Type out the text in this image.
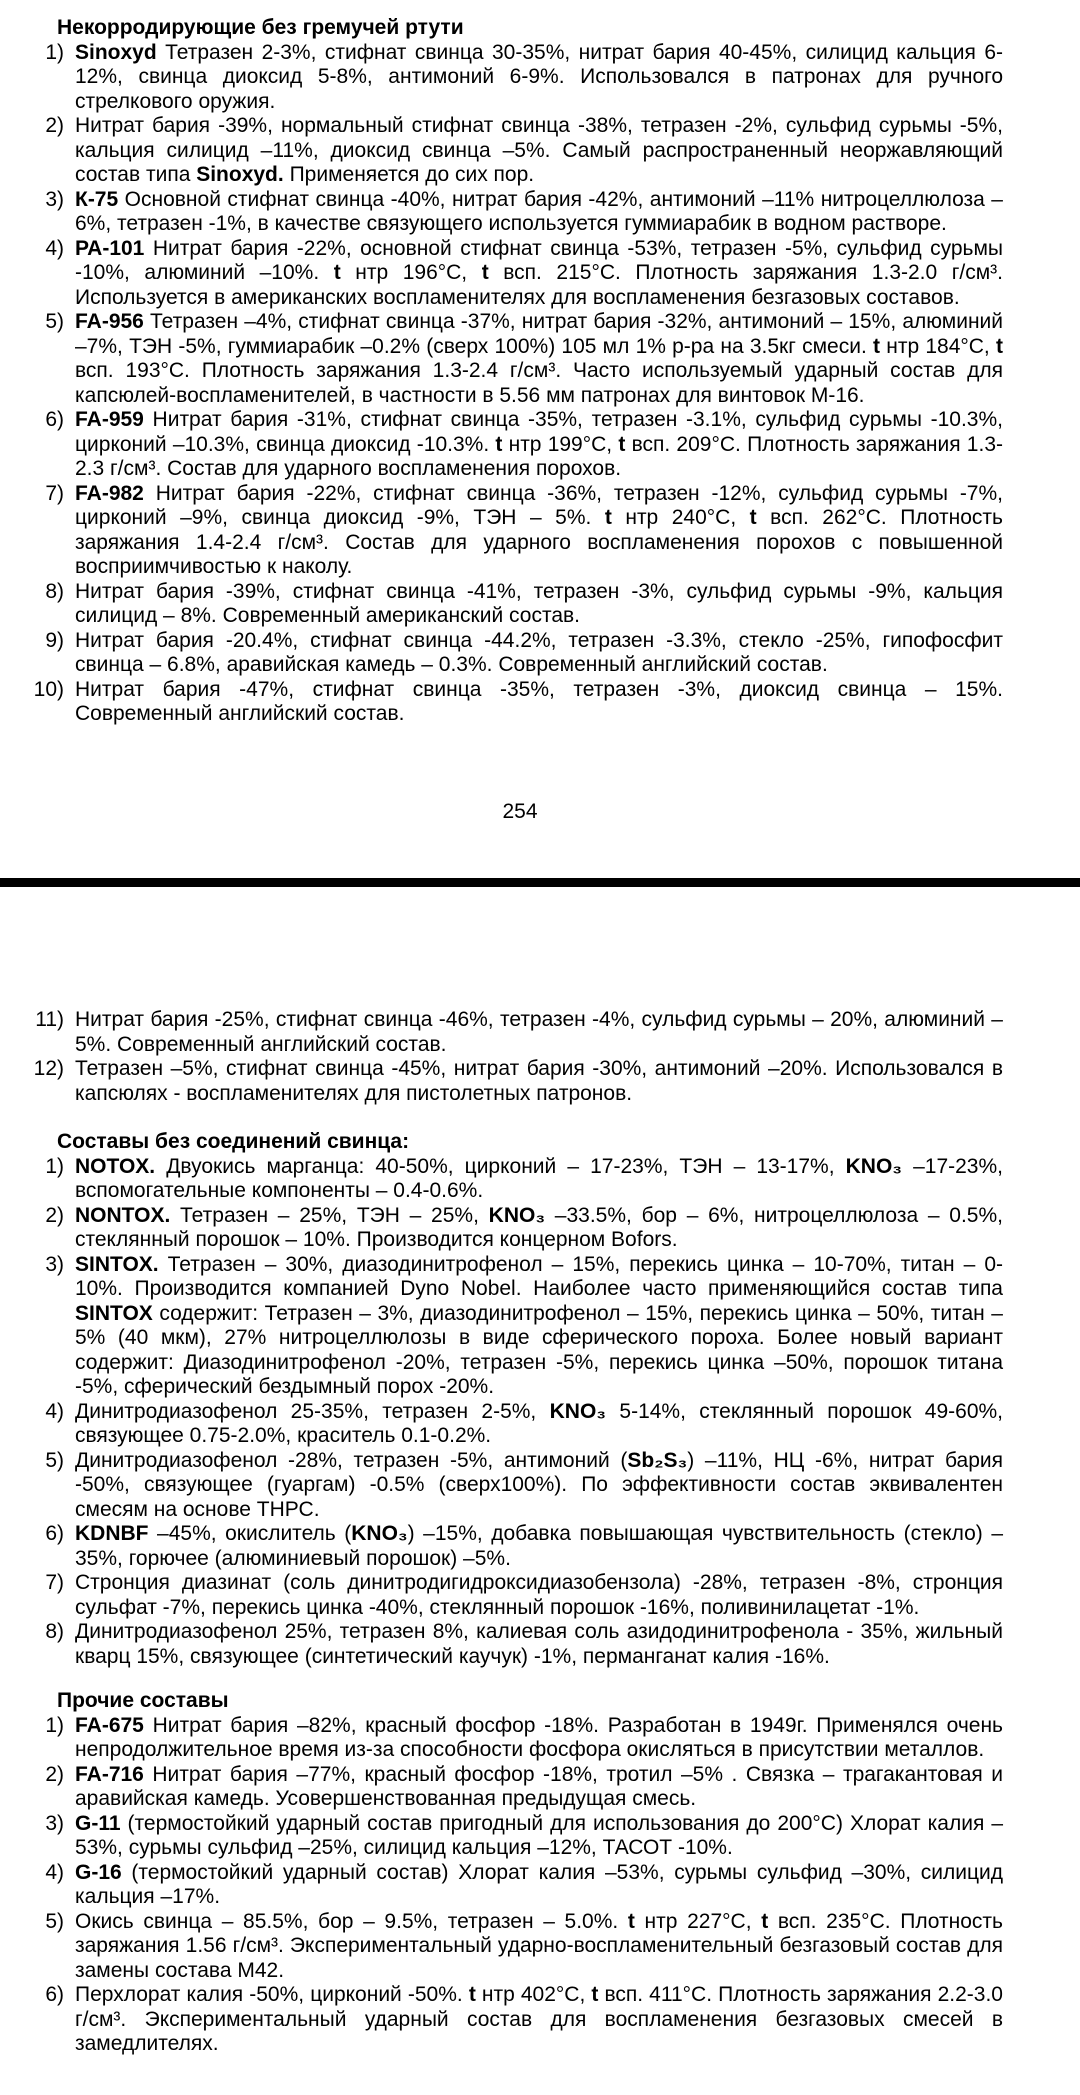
Некорродирующие без гремучей ртути
1) Sinoxyd Тетразен 2-3%, стифнат свинца 30-35%, нитрат бария 40-45%, силицид кальция 6-12%, свинца диоксид 5-8%, антимоний 6-9%. Использовался в патронах для ручного стрелкового оружия.
2) Нитрат бария -39%, нормальный стифнат свинца -38%, тетразен -2%, сульфид сурьмы -5%, кальция силицид –11%, диоксид свинца –5%. Самый распространенный неоржавляющий состав типа Sinoxyd. Применяется до сих пор.
3) К-75 Основной стифнат свинца -40%, нитрат бария -42%, антимоний –11% нитроцеллюлоза –6%, тетразен -1%, в качестве связующего используется гуммиарабик в водном растворе.
4) РА-101 Нитрат бария -22%, основной стифнат свинца -53%, тетразен -5%, сульфид сурьмы -10%, алюминий –10%. t нтр 196°С, t всп. 215°С. Плотность заряжания 1.3-2.0 г/см³. Используется в американских воспламенителях для воспламенения безгазовых составов.
5) FA-956 Тетразен –4%, стифнат свинца -37%, нитрат бария -32%, антимоний – 15%, алюминий –7%, ТЭН -5%, гуммиарабик –0.2% (сверх 100%) 105 мл 1% р-ра на 3.5кг смеси. t нтр 184°С, t всп. 193°С. Плотность заряжания 1.3-2.4 г/см³. Часто используемый ударный состав для капсюлей-воспламенителей, в частности в 5.56 мм патронах для винтовок М-16.
6) FA-959 Нитрат бария -31%, стифнат свинца -35%, тетразен -3.1%, сульфид сурьмы -10.3%, цирконий –10.3%, свинца диоксид -10.3%. t нтр 199°С, t всп. 209°С. Плотность заряжания 1.3-2.3 г/см³. Состав для ударного воспламенения порохов.
7) FA-982 Нитрат бария -22%, стифнат свинца -36%, тетразен -12%, сульфид сурьмы -7%, цирконий –9%, свинца диоксид -9%, ТЭН – 5%. t нтр 240°С, t всп. 262°С. Плотность заряжания 1.4-2.4 г/см³. Состав для ударного воспламенения порохов с повышенной восприимчивостью к наколу.
8) Нитрат бария -39%, стифнат свинца -41%, тетразен -3%, сульфид сурьмы -9%, кальция силицид – 8%. Современный американский состав.
9) Нитрат бария -20.4%, стифнат свинца -44.2%, тетразен -3.3%, стекло -25%, гипофосфит свинца – 6.8%, аравийская камедь – 0.3%. Современный английский состав.
10) Нитрат бария -47%, стифнат свинца -35%, тетразен -3%, диоксид свинца – 15%. Современный английский состав.
254
11) Нитрат бария -25%, стифнат свинца -46%, тетразен -4%, сульфид сурьмы – 20%, алюминий – 5%. Современный английский состав.
12) Тетразен –5%, стифнат свинца -45%, нитрат бария -30%, антимоний –20%. Использовался в капсюлях - воспламенителях для пистолетных патронов.
Составы без соединений свинца:
1) NOTOX. Двуокись марганца: 40-50%, цирконий – 17-23%, ТЭН – 13-17%, KNO₃ –17-23%, вспомогательные компоненты – 0.4-0.6%.
2) NONTOX. Тетразен – 25%, ТЭН – 25%, KNO₃ –33.5%, бор – 6%, нитроцеллюлоза – 0.5%, стеклянный порошок – 10%. Производится концерном Bofors.
3) SINTOX. Тетразен – 30%, диазодинитрофенол – 15%, перекись цинка – 10-70%, титан – 0-10%. Производится компанией Dyno Nobel. Наиболее часто применяющийся состав типа SINTOX содержит: Тетразен – 3%, диазодинитрофенол – 15%, перекись цинка – 50%, титан – 5% (40 мкм), 27% нитроцеллюлозы в виде сферического пороха. Более новый вариант содержит: Диазодинитрофенол -20%, тетразен -5%, перекись цинка –50%, порошок титана -5%, сферический бездымный порох -20%.
4) Динитродиазофенол 25-35%, тетразен 2-5%, KNO₃ 5-14%, стеклянный порошок 49-60%, связующее 0.75-2.0%, краситель 0.1-0.2%.
5) Динитродиазофенол -28%, тетразен -5%, антимоний (Sb₂S₃) –11%, НЦ -6%, нитрат бария -50%, связующее (гуаргам) -0.5% (сверх100%). По эффективности состав эквивалентен смесям на основе ТНРС.
6) KDNBF –45%, окислитель (KNO₃) –15%, добавка повышающая чувствительность (стекло) – 35%, горючее (алюминиевый порошок) –5%.
7) Стронция диазинат (соль динитродигидроксидиазобензола) -28%, тетразен -8%, стронция сульфат -7%, перекись цинка -40%, стеклянный порошок -16%, поливинилацетат -1%.
8) Динитродиазофенол 25%, тетразен 8%, калиевая соль азидодинитрофенола - 35%, жильный кварц 15%, связующее (синтетический каучук) -1%, перманганат калия -16%.
Прочие составы
1) FA-675 Нитрат бария –82%, красный фосфор -18%. Разработан в 1949г. Применялся очень непродолжительное время из-за способности фосфора окисляться в присутствии металлов.
2) FA-716 Нитрат бария –77%, красный фосфор -18%, тротил –5% . Связка – трагакантовая и аравийская камедь. Усовершенствованная предыдущая смесь.
3) G-11 (термостойкий ударный состав пригодный для использования до 200°С) Хлорат калия – 53%, сурьмы сульфид –25%, силицид кальция –12%, ТАСОТ -10%.
4) G-16 (термостойкий ударный состав) Хлорат калия –53%, сурьмы сульфид –30%, силицид кальция –17%.
5) Окись свинца – 85.5%, бор – 9.5%, тетразен – 5.0%. t нтр 227°С, t всп. 235°С. Плотность заряжания 1.56 г/см³. Экспериментальный ударно-воспламенительный безгазовый состав для замены состава М42.
6) Перхлорат калия -50%, цирконий -50%. t нтр 402°С, t всп. 411°С. Плотность заряжания 2.2-3.0 г/см³. Экспериментальный ударный состав для воспламенения безгазовых смесей в замедлителях.
